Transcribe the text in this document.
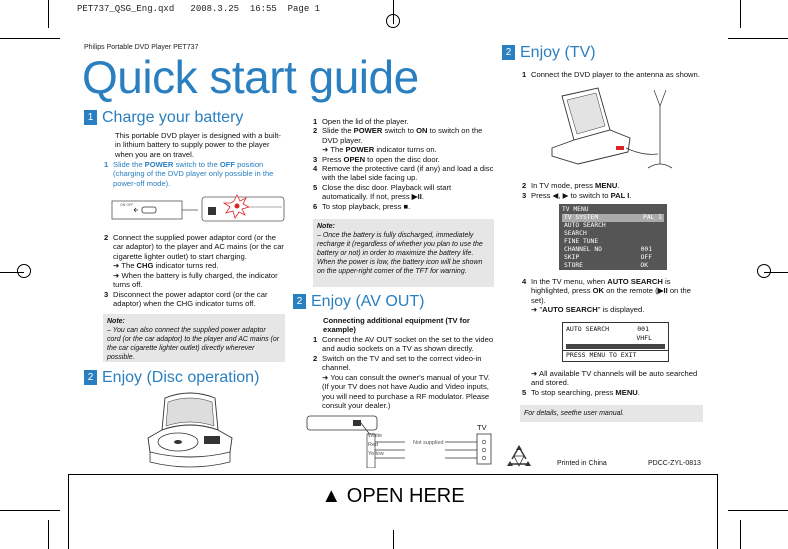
PET737_QSG_Eng.qxd   2008.3.25  16:55  Page 1
Philips Portable DVD Player PET737
Quick start guide
1 Charge your battery
This portable DVD player is designed with a built-in lithium battery to supply power to the player when you are on travel.
1 Slide the POWER switch to the OFF position (charging of the DVD player only possible in the power-off mode).
ON OFF
2 Connect the supplied power adaptor cord (or the car adaptor) to the player and AC mains (or the car cigarette lighter outlet) to start charging.
➜ The CHG indicator turns red.
➜ When the battery is fully charged, the indicator turns off.
3 Disconnect the power adaptor cord (or the car adaptor) when the CHG indicator turns off.
Note:
– You can also connect the supplied power adaptor cord (or the car adaptor) to the player and AC mains (or the car cigarette lighter outlet) directly wherever possible.
2 Enjoy (Disc operation)
1 Open the lid of the player.
2 Slide the POWER switch to ON to switch on the DVD player.
➜ The POWER indicator turns on.
3 Press OPEN to open the disc door.
4 Remove the protective card (if any) and load a disc with the label side facing up.
5 Close the disc door. Playback will start automatically. If not, press ▶II.
6 To stop playback, press ■.
Note:
– Once the battery is fully discharged, immediately recharge it (regardless of whether you plan to use the battery or not) in order to maximize the battery life. When the power is low, the battery icon will be shown on the upper-right corner of the TFT for warning.
2 Enjoy (AV OUT)
Connecting additional equipment (TV for example)
1 Connect the AV OUT socket on the set to the video and audio sockets on a TV as shown directly.
2 Switch on the TV and set to the correct video-in channel.
➜ You can consult the owner's manual of your TV. (If your TV does not have Audio and Video inputs, you will need to purchase a RF modulator. Please consult your dealer.)
TV
White
Red
Yellow
Not supplied
2 Enjoy (TV)
1 Connect the DVD player to the antenna as shown.
2 In TV mode, press MENU.
3 Press ◀, ▶ to switch to PAL I.
TV MENU
TV SYSTEM	PAL I
AUTO SEARCH
SEARCH
FINE TUNE
CHANNEL NO	001
SKIP	OFF
STORE	OK
4 In the TV menu, when AUTO SEARCH is highlighted, press OK on the remote (▶II on the set).
➜ "AUTO SEARCH" is displayed.
AUTO SEARCH	001
VHFL
PRESS MENU TO EXIT
➜ All available TV channels will be auto searched and stored.
5 To stop searching, press MENU.
For details, seethe user manual.
Printed in China	PDCC-ZYL-0813
▲ OPEN HERE
